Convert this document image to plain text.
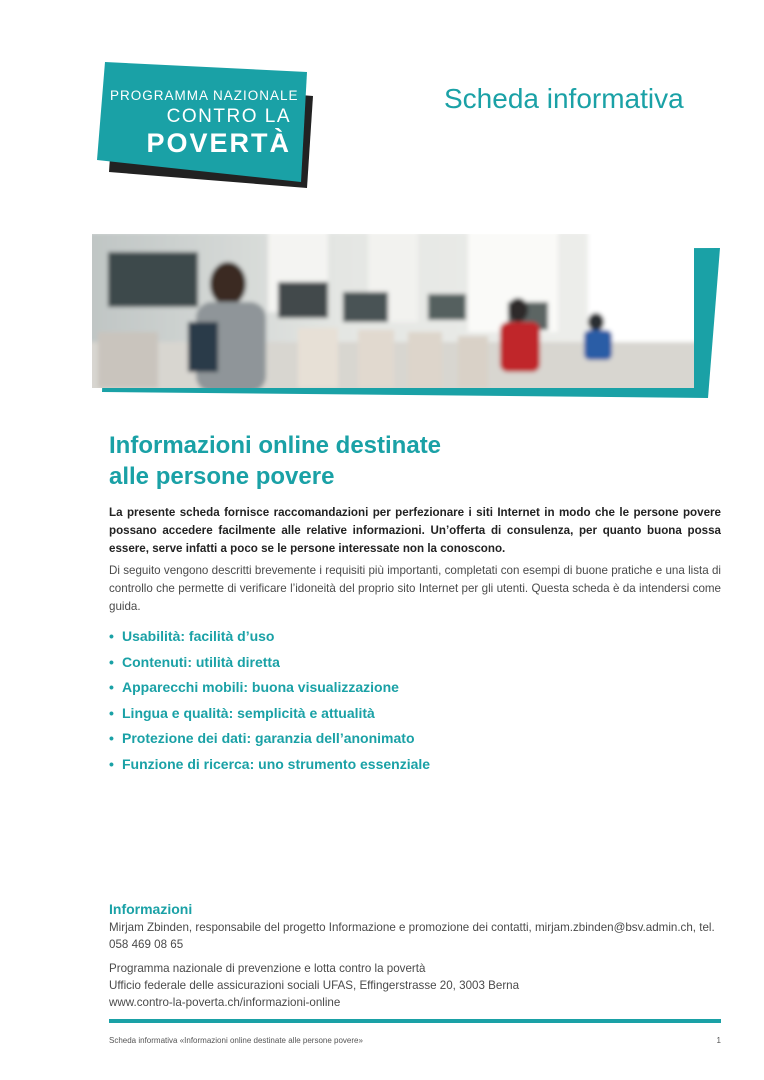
PROGRAMMA NAZIONALE
CONTRO LA
POVERTÀ
Scheda informativa
Informazioni online destinate
alle persone povere

La presente scheda fornisce raccomandazioni per perfezionare i siti Internet in modo che le persone povere possano accedere facilmente alle relative informazioni. Un’offerta di consulenza, per quanto buona possa essere, serve infatti a poco se le persone interessate non la conoscono.

Di seguito vengono descritti brevemente i requisiti più importanti, completati con esempi di buone pratiche e una lista di controllo che permette di verificare l’idoneità del proprio sito Internet per gli utenti. Questa scheda è da intendersi come guida.

• Usabilità: facilità d’uso
• Contenuti: utilità diretta
• Apparecchi mobili: buona visualizzazione
• Lingua e qualità: semplicità e attualità
• Protezione dei dati: garanzia dell’anonimato
• Funzione di ricerca: uno strumento essenziale
Informazioni
Mirjam Zbinden, responsabile del progetto Informazione e promozione dei contatti, mirjam.zbinden@bsv.admin.ch, tel. 058 469 08 65
Programma nazionale di prevenzione e lotta contro la povertà
Ufficio federale delle assicurazioni sociali UFAS, Effingerstrasse 20, 3003 Berna
www.contro-la-poverta.ch/informazioni-online
Scheda informativa «Informazioni online destinate alle persone povere»	1
